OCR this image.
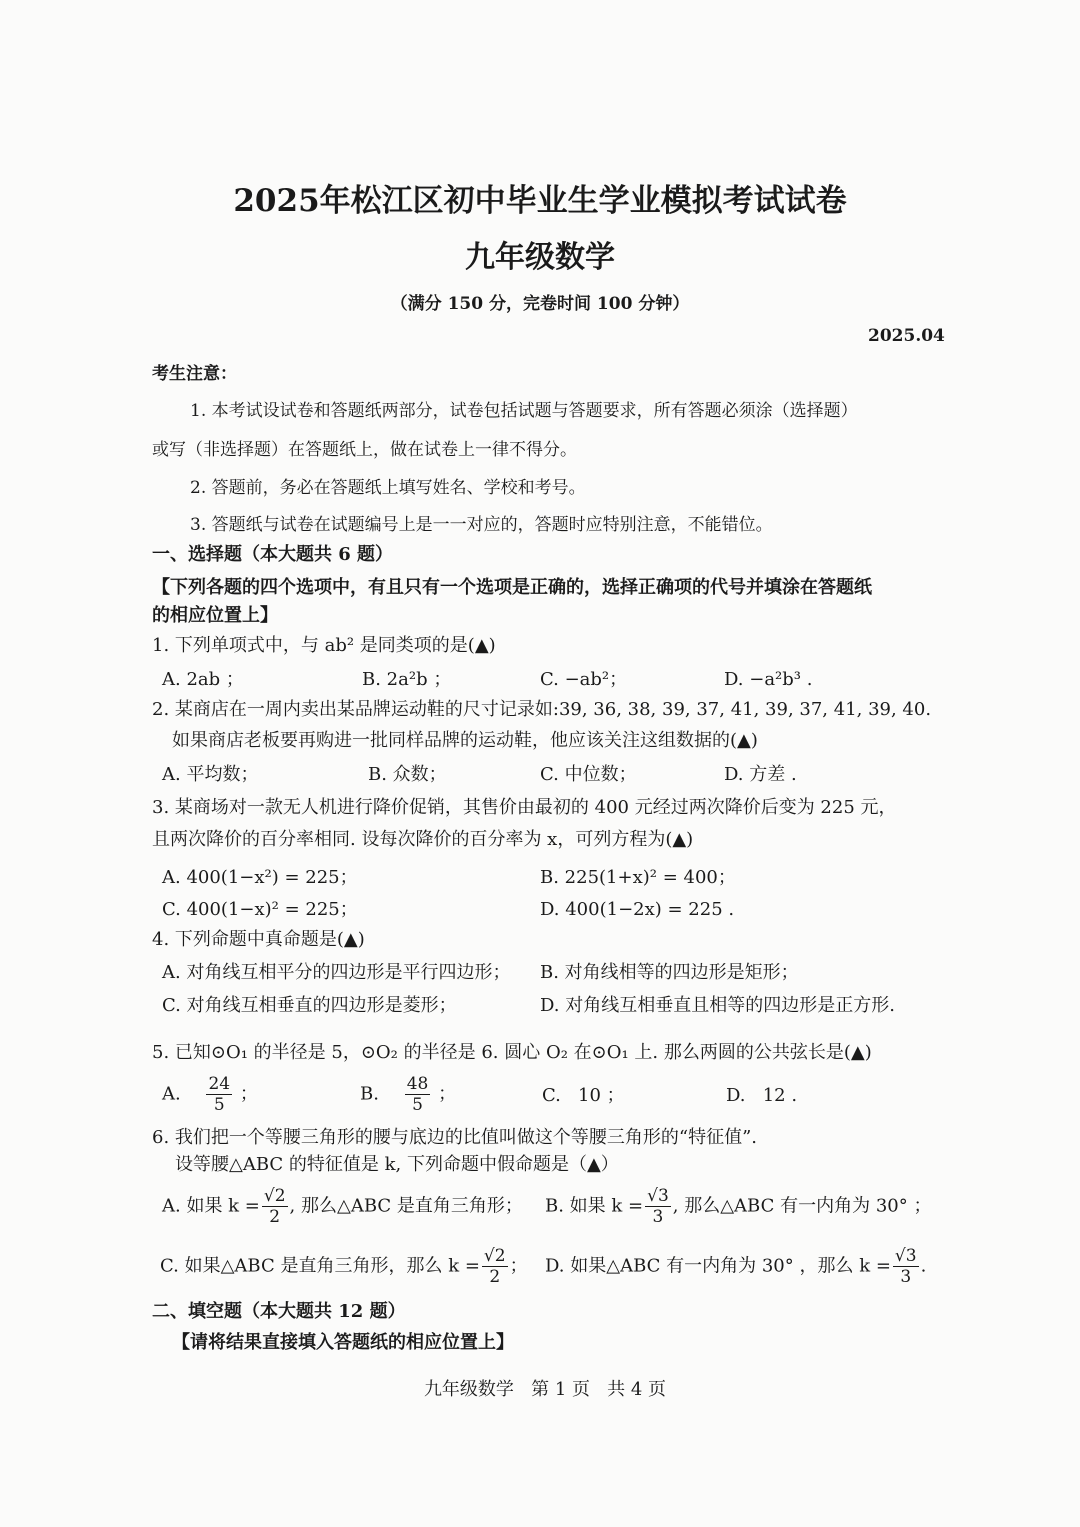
2025年松江区初中毕业生学业模拟考试试卷
九年级数学
（满分 150 分，完卷时间 100 分钟）
2025.04
考生注意：
1. 本考试设试卷和答题纸两部分，试卷包括试题与答题要求，所有答题必须涂（选择题）
或写（非选择题）在答题纸上，做在试卷上一律不得分。
2. 答题前，务必在答题纸上填写姓名、学校和考号。
3. 答题纸与试卷在试题编号上是一一对应的，答题时应特别注意，不能错位。
一、选择题（本大题共 6 题）
【下列各题的四个选项中，有且只有一个选项是正确的，选择正确项的代号并填涂在答题纸
的相应位置上】
1. 下列单项式中，与 ab² 是同类项的是(▲)
A. 2ab ；	B. 2a²b ；	C. −ab²；	D. −a²b³ .
2. 某商店在一周内卖出某品牌运动鞋的尺寸记录如:39, 36, 38, 39, 37, 41, 39, 37, 41, 39, 40.
如果商店老板要再购进一批同样品牌的运动鞋，他应该关注这组数据的(▲)
A. 平均数；	B. 众数；	C. 中位数；	D. 方差 .
3. 某商场对一款无人机进行降价促销，其售价由最初的 400 元经过两次降价后变为 225 元，
且两次降价的百分率相同. 设每次降价的百分率为 x，可列方程为(▲)
A. 400(1−x²) = 225；	B. 225(1+x)² = 400；
C. 400(1−x)² = 225；	D. 400(1−2x) = 225 .
4. 下列命题中真命题是(▲)
A. 对角线互相平分的四边形是平行四边形； B. 对角线相等的四边形是矩形；
C. 对角线互相垂直的四边形是菱形；	D. 对角线互相垂直且相等的四边形是正方形.
5. 已知⊙O₁ 的半径是 5，⊙O₂ 的半径是 6. 圆心 O₂ 在⊙O₁ 上. 那么两圆的公共弦长是(▲)
A. $\frac{24}{5}$ ；	B. $\frac{48}{5}$ ；	C. 10 ；	D. 12 .
6. 我们把一个等腰三角形的腰与底边的比值叫做这个等腰三角形的“特征值”.
设等腰△ABC 的特征值是 k, 下列命题中假命题是（▲）
A. 如果 $k = \frac{√2}{2}$ , 那么△ABC 是直角三角形； B. 如果 $k = \frac{√3}{3}$ , 那么△ABC 有一内角为 30° ；
C. 如果△ABC 是直角三角形，那么 $k = \frac{√2}{2}$ ； D. 如果△ABC 有一内角为 30° ，那么 $k = \frac{√3}{3}$ .
二、填空题（本大题共 12 题）
【请将结果直接填入答题纸的相应位置上】
九年级数学   第 1 页   共 4 页
